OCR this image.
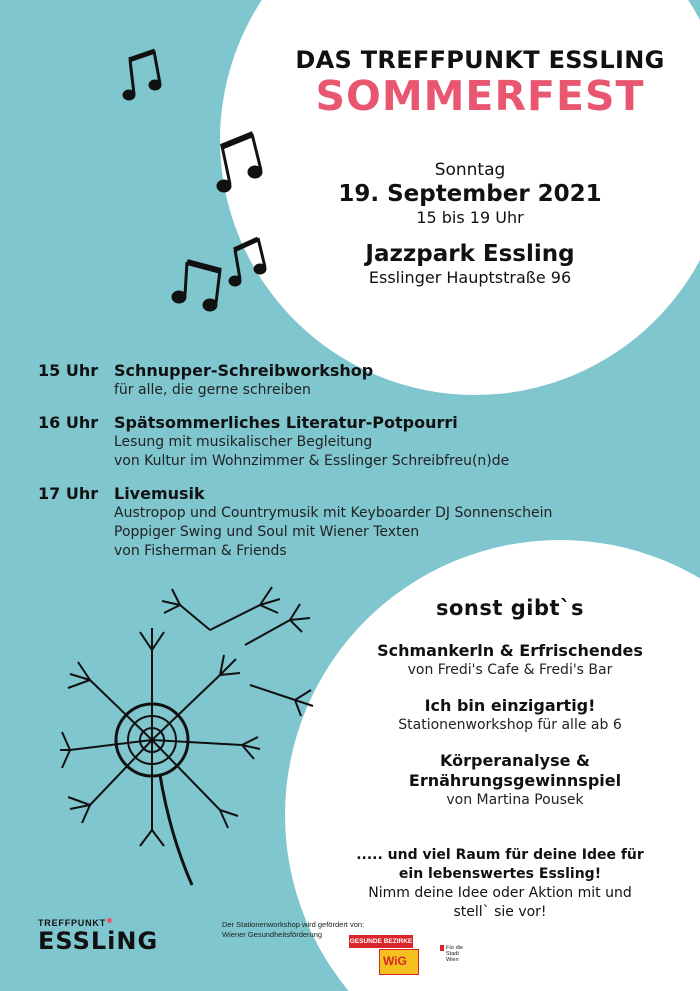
DAS TREFFPUNKT ESSLING
SOMMERFEST
Sonntag
19. September 2021
15 bis 19 Uhr
Jazzpark Essling
Esslinger Hauptstraße 96
15 Uhr Schnupper-Schreibworkshop
für alle, die gerne schreiben
16 Uhr Spätsommerliches Literatur-Potpourri
Lesung mit musikalischer Begleitung
von Kultur im Wohnzimmer & Esslinger Schreibfreu(n)de
17 Uhr Livemusik
Austropop und Countrymusik mit Keyboarder DJ Sonnenschein
Poppiger Swing und Soul mit Wiener Texten
von Fisherman & Friends
sonst gibt`s
Schmankerln & Erfrischendes
von Fredi's Cafe & Fredi's Bar
Ich bin einzigartig!
Stationenworkshop für alle ab 6
Körperanalyse & Ernährungsgewinnspiel
von Martina Pousek
..... und viel Raum für deine Idee für ein lebenswertes Essling!
Nimm deine Idee oder Aktion mit und stell` sie vor!
TREFFPUNKT
ESSLiNG
Der Stationenworkshop wird gefördert von:
Wiener Gesundheitsförderung
GESUNDE BEZIRKE
WiG
Für die Stadt Wien
